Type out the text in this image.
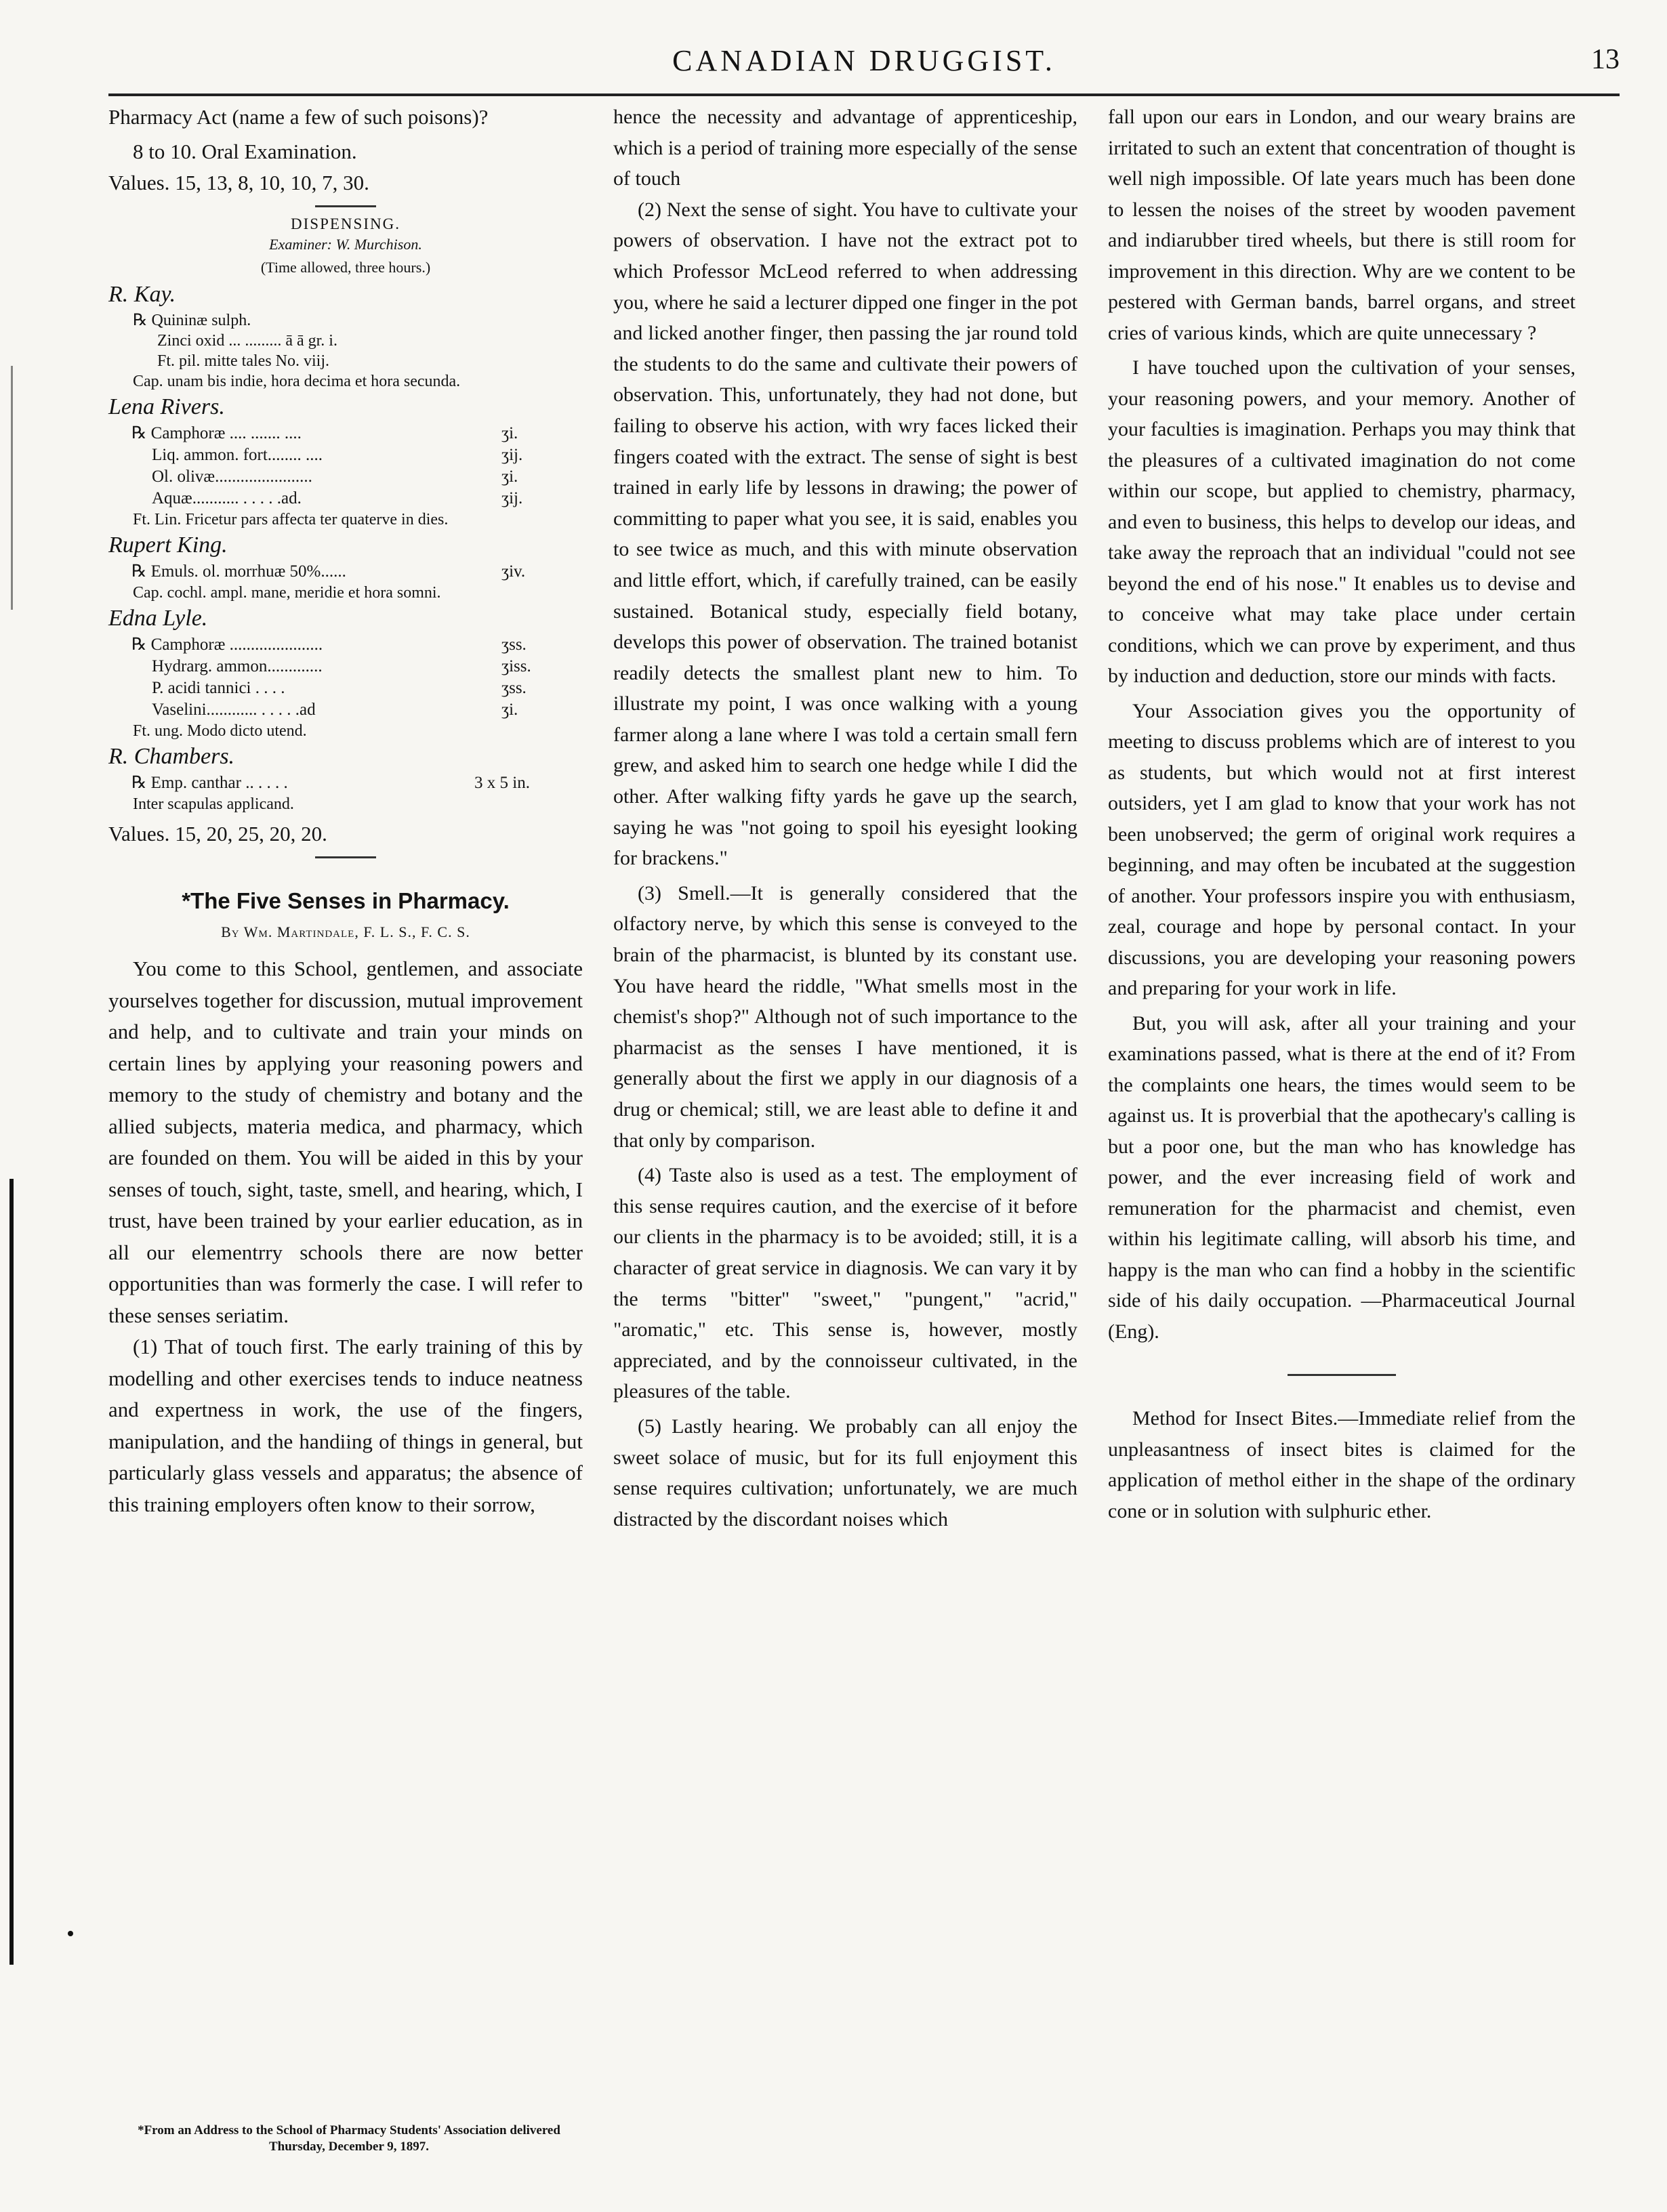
CANADIAN DRUGGIST.	13

Pharmacy Act (name a few of such poisons)?

8 to 10. Oral Examination.

Values. 15, 13, 8, 10, 10, 7, 30.

DISPENSING.

Examiner: W. Murchison.

(Time allowed, three hours.)

R. Kay.

℞ Quininæ sulph.

Zinci oxid ... ......... ā ā gr. i.

Ft. pil. mitte tales No. viij.

Cap. unam bis indie, hora decima et hora secunda.

Lena Rivers.

℞ Camphoræ .... ....... ....	ʒi.
Liq. ammon. fort........ ....	ʒij.
Ol. olivæ.......................	ʒi.
Aquæ........... . . . . .ad.	ʒij.

Ft. Lin. Fricetur pars affecta ter quaterve in dies.

Rupert King.

℞ Emuls. ol. morrhuæ 50%......	ʒiv.

Cap. cochl. ampl. mane, meridie et hora somni.

Edna Lyle.

℞ Camphoræ ......................	ʒss.
Hydrarg. ammon.............	ʒiss.
P. acidi tannici . . . .	ʒss.
Vaselini............ . . . . .ad	ʒi.

Ft. ung. Modo dicto utend.

R. Chambers.

℞ Emp. canthar .. . . . .	3 x 5 in.

Inter scapulas applicand.

Values. 15, 20, 25, 20, 20.

*The Five Senses in Pharmacy.
By Wm. Martindale, F. L. S., F. C. S.

You come to this School, gentlemen, and associate yourselves together for discussion, mutual improvement and help, and to cultivate and train your minds on certain lines by applying your reasoning powers and memory to the study of chemistry and botany and the allied subjects, materia medica, and pharmacy, which are founded on them. You will be aided in this by your senses of touch, sight, taste, smell, and hearing, which, I trust, have been trained by your earlier education, as in all our elementrry schools there are now better opportunities than was formerly the case. I will refer to these senses seriatim.

(1) That of touch first. The early training of this by modelling and other exercises tends to induce neatness and expertness in work, the use of the fingers, manipulation, and the handiing of things in general, but particularly glass vessels and apparatus; the absence of this training employers often know to their sorrow,

*From an Address to the School of Pharmacy Students' Association delivered Thursday, December 9, 1897.

hence the necessity and advantage of apprenticeship, which is a period of training more especially of the sense of touch

(2) Next the sense of sight. You have to cultivate your powers of observation. I have not the extract pot to which Professor McLeod referred to when addressing you, where he said a lecturer dipped one finger in the pot and licked another finger, then passing the jar round told the students to do the same and cultivate their powers of observation. This, unfortunately, they had not done, but failing to observe his action, with wry faces licked their fingers coated with the extract. The sense of sight is best trained in early life by lessons in drawing; the power of committing to paper what you see, it is said, enables you to see twice as much, and this with minute observation and little effort, which, if carefully trained, can be easily sustained. Botanical study, especially field botany, develops this power of observation. The trained botanist readily detects the smallest plant new to him. To illustrate my point, I was once walking with a young farmer along a lane where I was told a certain small fern grew, and asked him to search one hedge while I did the other. After walking fifty yards he gave up the search, saying he was "not going to spoil his eyesight looking for brackens."

(3) Smell.—It is generally considered that the olfactory nerve, by which this sense is conveyed to the brain of the pharmacist, is blunted by its constant use. You have heard the riddle, "What smells most in the chemist's shop?" Although not of such importance to the pharmacist as the senses I have mentioned, it is generally about the first we apply in our diagnosis of a drug or chemical; still, we are least able to define it and that only by comparison.

(4) Taste also is used as a test. The employment of this sense requires caution, and the exercise of it before our clients in the pharmacy is to be avoided; still, it is a character of great service in diagnosis. We can vary it by the terms "bitter" "sweet," "pungent," "acrid," "aromatic," etc. This sense is, however, mostly appreciated, and by the connoisseur cultivated, in the pleasures of the table.

(5) Lastly hearing. We probably can all enjoy the sweet solace of music, but for its full enjoyment this sense requires cultivation; unfortunately, we are much distracted by the discordant noises which

fall upon our ears in London, and our weary brains are irritated to such an extent that concentration of thought is well nigh impossible. Of late years much has been done to lessen the noises of the street by wooden pavement and indiarubber tired wheels, but there is still room for improvement in this direction. Why are we content to be pestered with German bands, barrel organs, and street cries of various kinds, which are quite unnecessary ?

I have touched upon the cultivation of your senses, your reasoning powers, and your memory. Another of your faculties is imagination. Perhaps you may think that the pleasures of a cultivated imagination do not come within our scope, but applied to chemistry, pharmacy, and even to business, this helps to develop our ideas, and take away the reproach that an individual "could not see beyond the end of his nose." It enables us to devise and to conceive what may take place under certain conditions, which we can prove by experiment, and thus by induction and deduction, store our minds with facts.

Your Association gives you the opportunity of meeting to discuss problems which are of interest to you as students, but which would not at first interest outsiders, yet I am glad to know that your work has not been unobserved; the germ of original work requires a beginning, and may often be incubated at the suggestion of another. Your professors inspire you with enthusiasm, zeal, courage and hope by personal contact. In your discussions, you are developing your reasoning powers and preparing for your work in life.

But, you will ask, after all your training and your examinations passed, what is there at the end of it? From the complaints one hears, the times would seem to be against us. It is proverbial that the apothecary's calling is but a poor one, but the man who has knowledge has power, and the ever increasing field of work and remuneration for the pharmacist and chemist, even within his legitimate calling, will absorb his time, and happy is the man who can find a hobby in the scientific side of his daily occupation. —Pharmaceutical Journal (Eng).

Method for Insect Bites.—Immediate relief from the unpleasantness of insect bites is claimed for the application of methol either in the shape of the ordinary cone or in solution with sulphuric ether.
